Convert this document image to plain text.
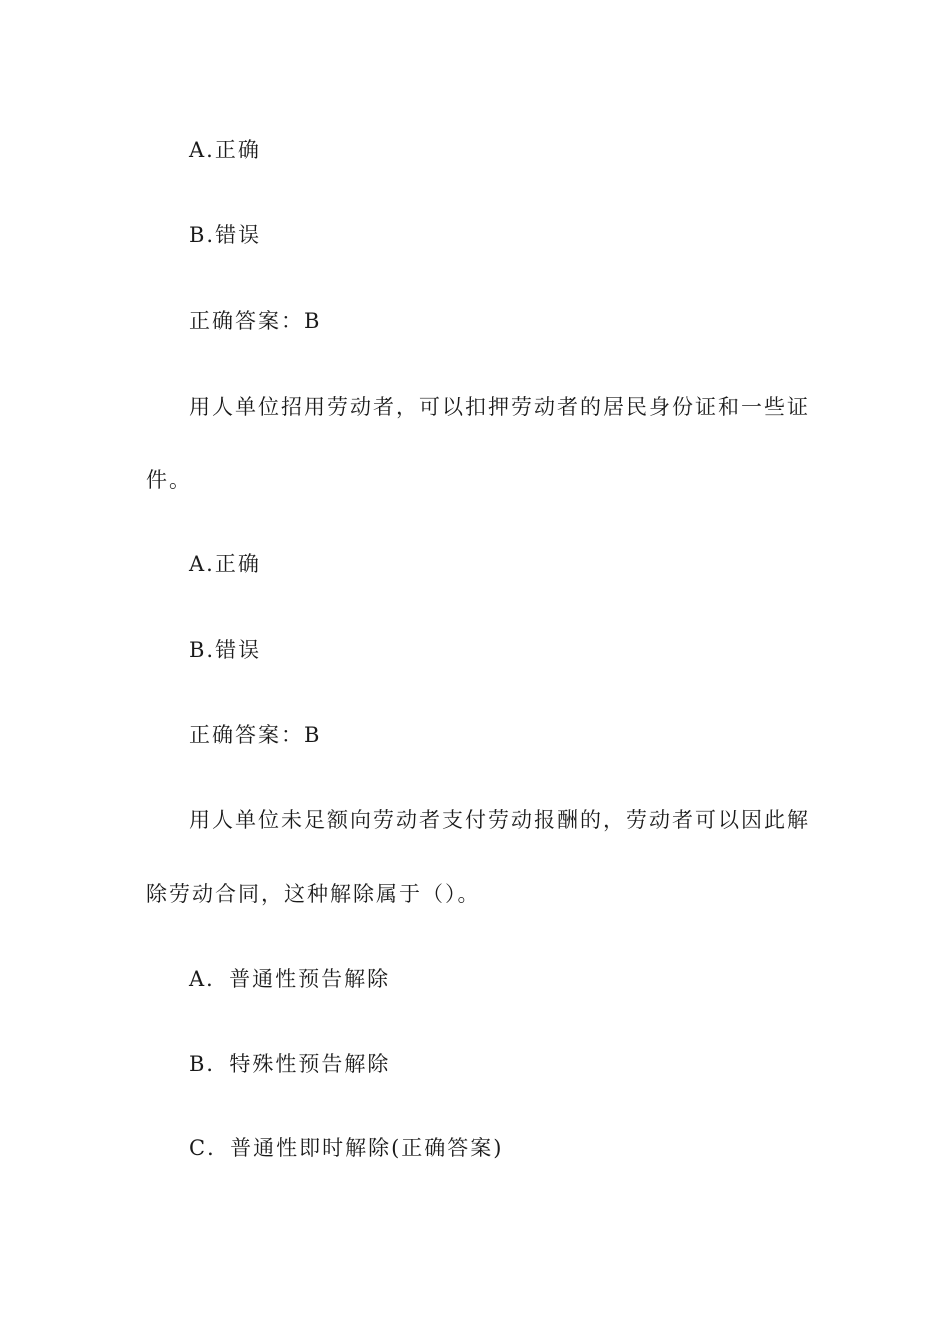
A.正确
B.错误
正确答案：B
用人单位招用劳动者，可以扣押劳动者的居民身份证和一些证
件。
A.正确
B.错误
正确答案：B
用人单位未足额向劳动者支付劳动报酬的，劳动者可以因此解
除劳动合同，这种解除属于（）。
A．普通性预告解除
B．特殊性预告解除
C．普通性即时解除(正确答案)
